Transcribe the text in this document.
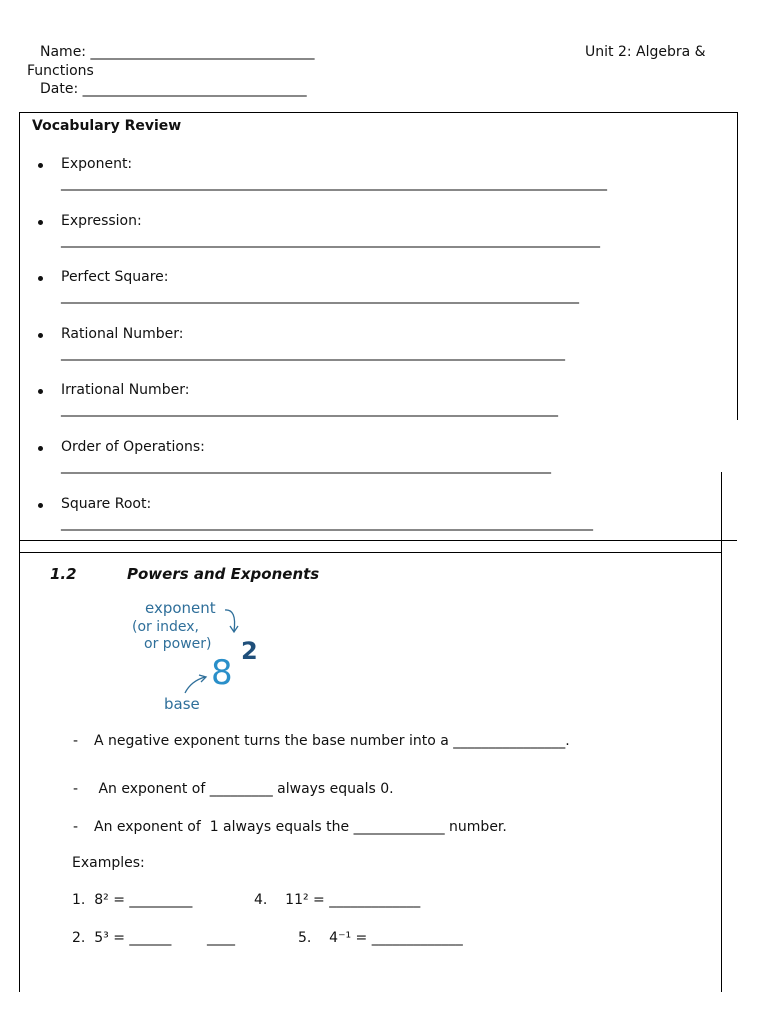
Name: ________________________________	Unit 2: Algebra &
Functions
Date: ________________________________
Vocabulary Review
Exponent:
______________________________________________________________________________
Expression:
_____________________________________________________________________________
Perfect Square:
__________________________________________________________________________
Rational Number:
________________________________________________________________________
Irrational Number:
_______________________________________________________________________
Order of Operations:
______________________________________________________________________
Square Root:
____________________________________________________________________________
1.2	Powers and Exponents
exponent
(or index,
or power)
8
2
base
- A negative exponent turns the base number into a ________________.
- An exponent of _________ always equals 0.
- An exponent of  1 always equals the _____________ number.
Examples:
1.  8² = _________	4.    11² = _____________
2.  5³ = ______	____	5.    4⁻¹ = _____________
